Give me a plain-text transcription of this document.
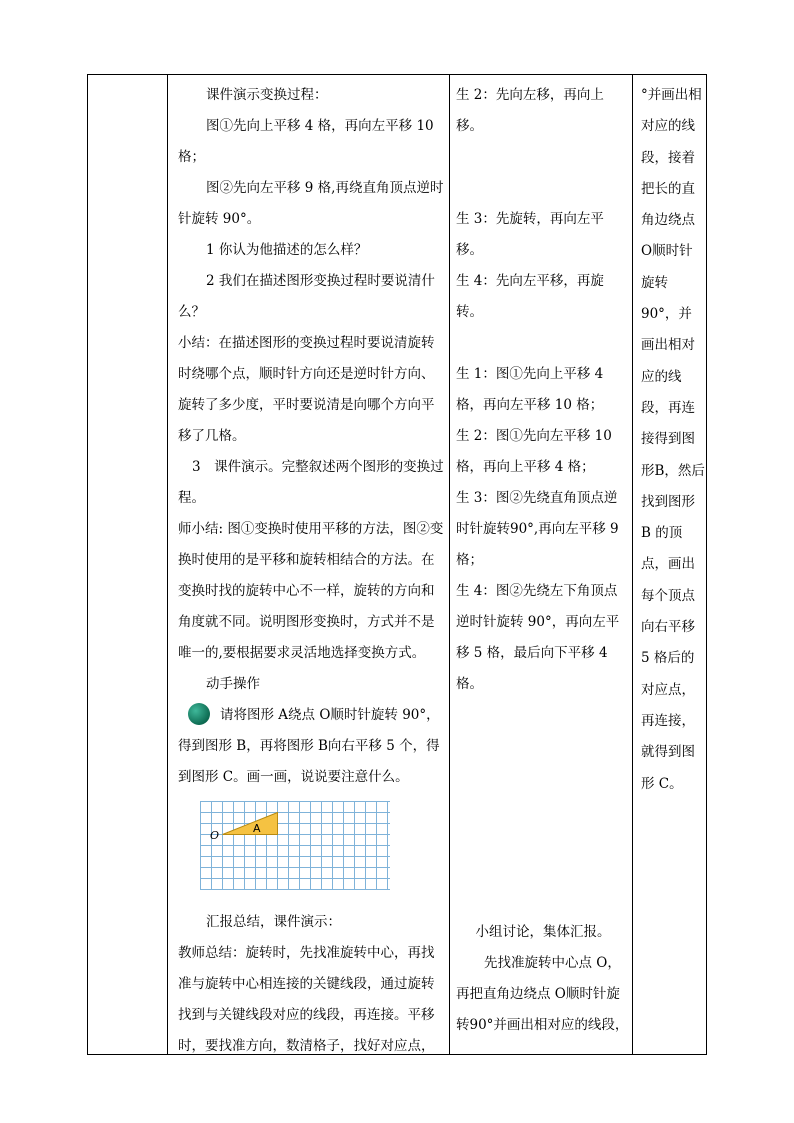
课件演示变换过程：

图①先向上平移 4 格，再向左平移 10 格；

图②先向左平移 9 格,再绕直角顶点逆时针旋转 90°。

1 你认为他描述的怎么样？

2 我们在描述图形变换过程时要说清什么？

小结：在描述图形的变换过程时要说清旋转时绕哪个点，顺时针方向还是逆时针方向、旋转了多少度，平时要说清是向哪个方向平移了几格。

3　课件演示。完整叙述两个图形的变换过程。

师小结: 图①变换时使用平移的方法，图②变换时使用的是平移和旋转相结合的方法。在变换时找的旋转中心不一样，旋转的方向和角度就不同。说明图形变换时，方式并不是唯一的,要根据要求灵活地选择变换方式。

动手操作

请将图形 A绕点 O顺时针旋转 90°，得到图形 B，再将图形 B向右平移 5 个，得到图形 C。画一画，说说要注意什么。

A
O

汇报总结，课件演示：

教师总结：旋转时，先找准旋转中心，再找准与旋转中心相连接的关键线段，通过旋转找到与关键线段对应的线段，再连接。平移时，要找准方向，数清格子，找好对应点，

生 2：先向左移，再向上移。

生 3：先旋转，再向左平移。

生 4：先向左平移，再旋转。

生 1：图①先向上平移 4 格，再向左平移 10 格；

生 2：图①先向左平移 10格，再向上平移 4 格；

生 3：图②先绕直角顶点逆时针旋转90°,再向左平移 9 格；

生 4：图②先绕左下角顶点逆时针旋转 90°，再向左平移 5 格，最后向下平移 4 格。

小组讨论，集体汇报。

先找准旋转中心点 O，再把直角边绕点 O顺时针旋转90°并画出相对应的线段，

°并画出相对应的线段，接着把长的直角边绕点 O顺时针旋转90°，并画出相对应的线段，再连接得到图形B，然后找到图形 B 的顶点，画出每个顶点向右平移 5 格后的对应点，再连接，就得到图形 C。
